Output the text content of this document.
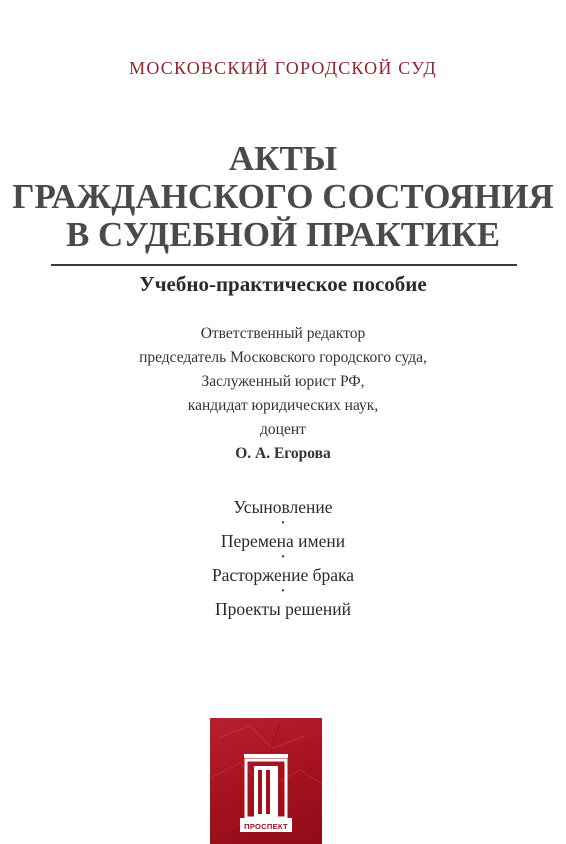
МОСКОВСКИЙ ГОРОДСКОЙ СУД
АКТЫ
ГРАЖДАНСКОГО СОСТОЯНИЯ
В СУДЕБНОЙ ПРАКТИКЕ
Учебно-практическое пособие
Ответственный редактор
председатель Московского городского суда,
Заслуженный юрист РФ,
кандидат юридических наук,
доцент
О. А. Егорова
Усыновление
•
Перемена имени
•
Расторжение брака
•
Проекты решений
ПРОСПЕКТ
